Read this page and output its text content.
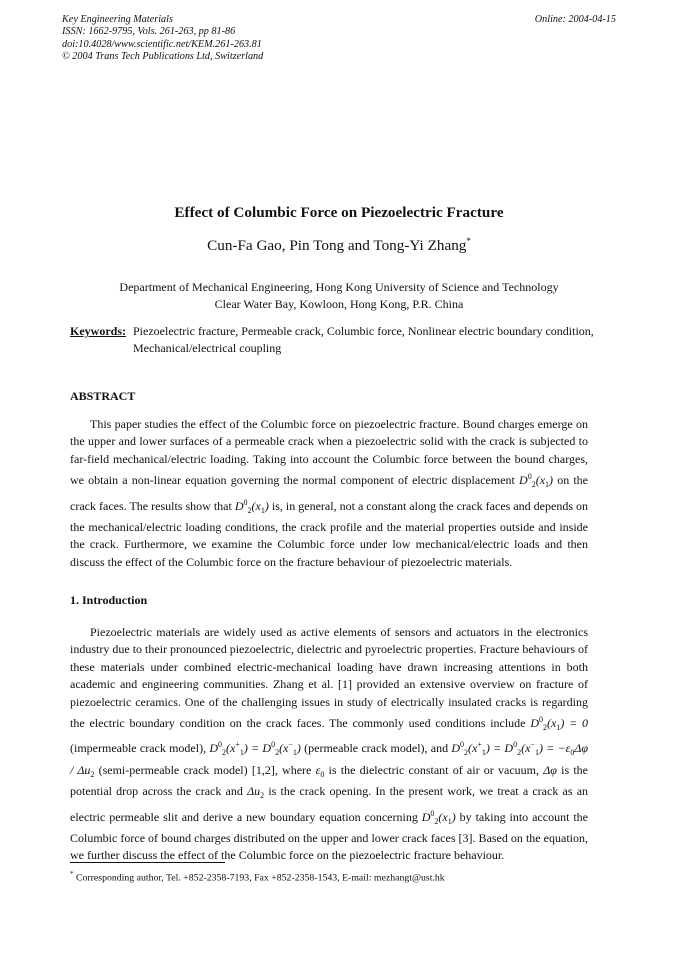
Key Engineering Materials
ISSN: 1662-9795, Vols. 261-263, pp 81-86
doi:10.4028/www.scientific.net/KEM.261-263.81
© 2004 Trans Tech Publications Ltd, Switzerland
Online: 2004-04-15
Effect of Columbic Force on Piezoelectric Fracture
Cun-Fa Gao, Pin Tong and Tong-Yi Zhang*
Department of Mechanical Engineering, Hong Kong University of Science and Technology
Clear Water Bay, Kowloon, Hong Kong, P.R. China
Keywords: Piezoelectric fracture, Permeable crack, Columbic force, Nonlinear electric boundary condition, Mechanical/electrical coupling
ABSTRACT

This paper studies the effect of the Columbic force on piezoelectric fracture. Bound charges emerge on the upper and lower surfaces of a permeable crack when a piezoelectric solid with the crack is subjected to far-field mechanical/electric loading. Taking into account the Columbic force between the bound charges, we obtain a non-linear equation governing the normal component of electric displacement $D^0_2(x_1)$ on the crack faces. The results show that $D^0_2(x_1)$ is, in general, not a constant along the crack faces and depends on the mechanical/electric loading conditions, the crack profile and the material properties outside and inside the crack. Furthermore, we examine the Columbic force under low mechanical/electric loads and then discuss the effect of the Columbic force on the fracture behaviour of piezoelectric materials.

1. Introduction

Piezoelectric materials are widely used as active elements of sensors and actuators in the electronics industry due to their pronounced piezoelectric, dielectric and pyroelectric properties. Fracture behaviours of these materials under combined electric-mechanical loading have drawn increasing attentions in both academic and engineering communities. Zhang et al. [1] provided an extensive overview on fracture of piezoelectric ceramics. One of the challenging issues in study of electrically insulated cracks is regarding the electric boundary condition on the crack faces. The commonly used conditions include $D^0_2(x_1) = 0$ (impermeable crack model), $D^0_2(x^+_1) = D^0_2(x^-_1)$ (permeable crack model), and $D^0_2(x^+_1) = D^0_2(x^-_1) = -\varepsilon_0\Delta\varphi / \Delta u_2$ (semi-permeable crack model) [1,2], where $\varepsilon_0$ is the dielectric constant of air or vacuum, Δφ is the potential drop across the crack and $\Delta u_2$ is the crack opening. In the present work, we treat a crack as an electric permeable slit and derive a new boundary equation concerning $D^0_2(x_1)$ by taking into account the Columbic force of bound charges distributed on the upper and lower crack faces [3]. Based on the equation, we further discuss the effect of the Columbic force on the piezoelectric fracture behaviour.

* Corresponding author, Tel. +852-2358-7193, Fax +852-2358-1543, E-mail: mezhangt@ust.hk
